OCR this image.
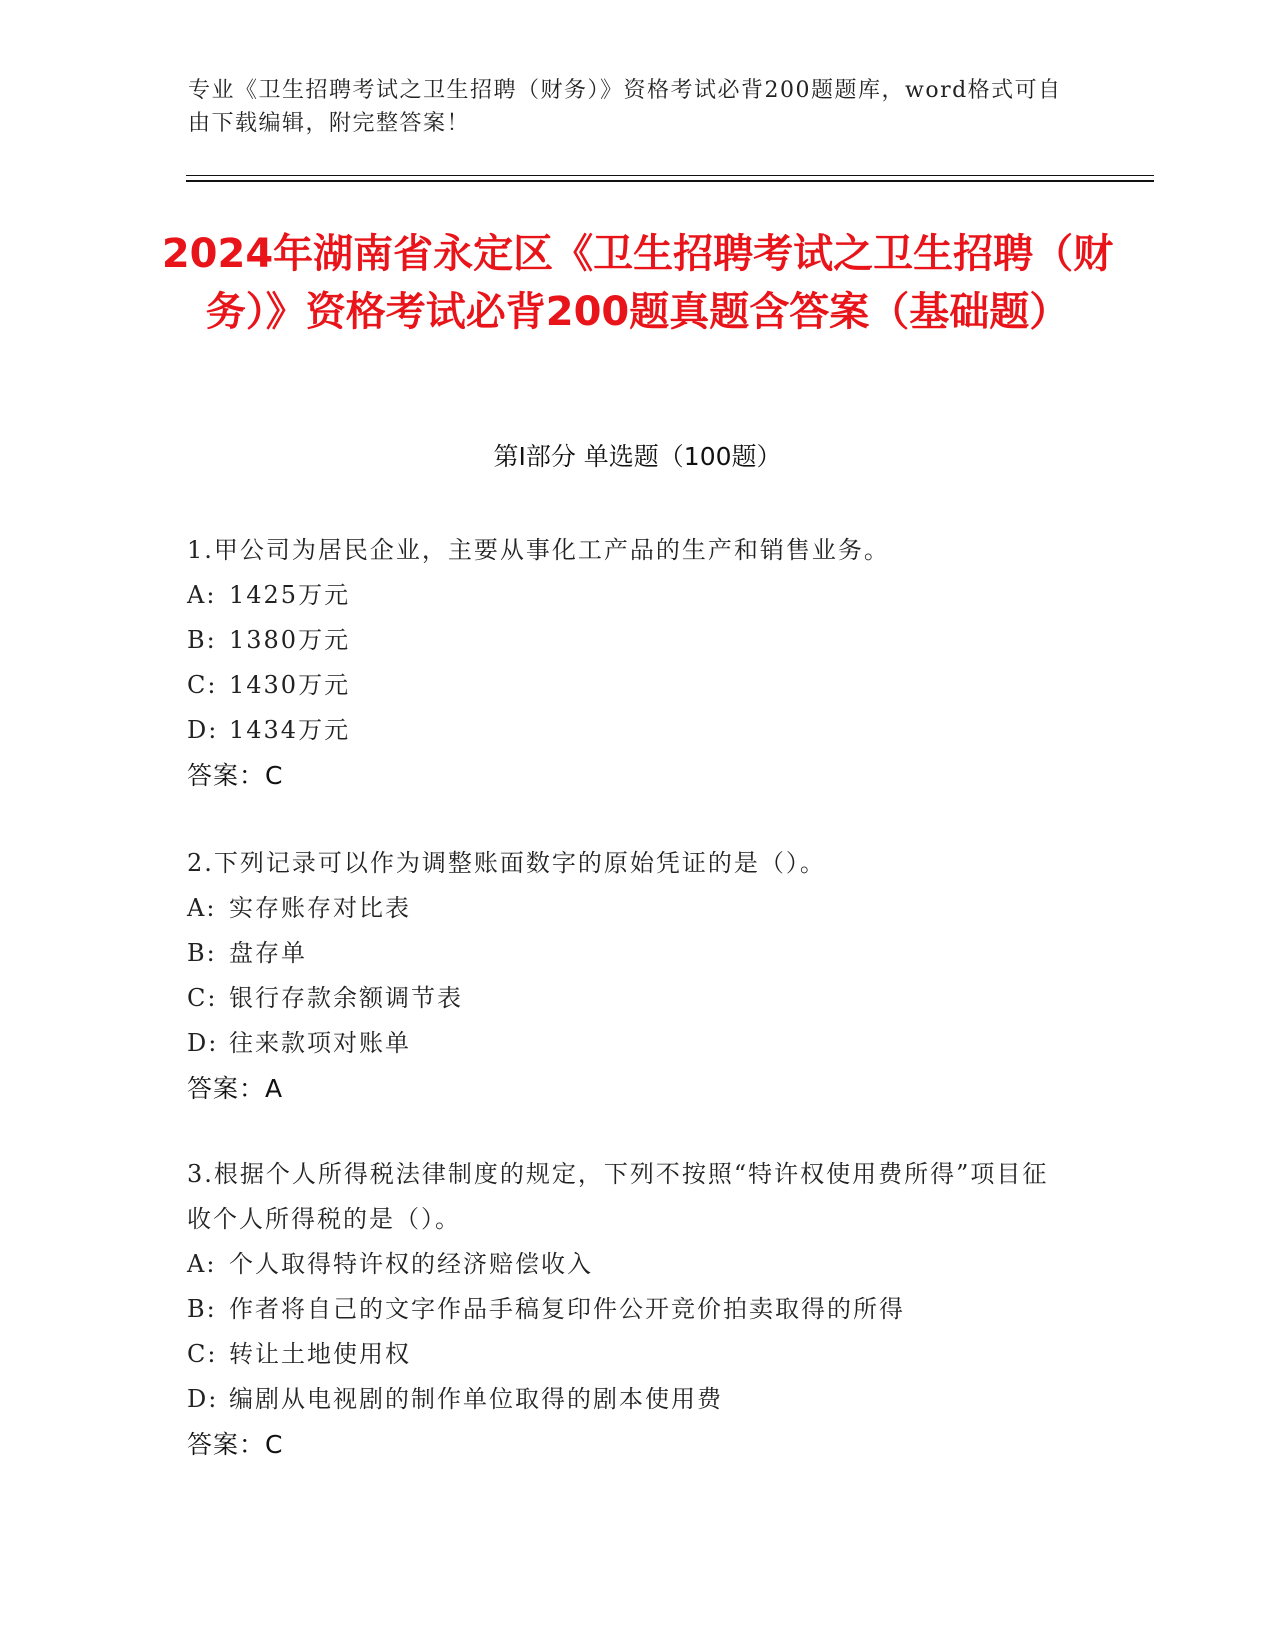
专业《卫生招聘考试之卫生招聘（财务）》资格考试必背200题题库，word格式可自由下载编辑，附完整答案！
2024年湖南省永定区《卫生招聘考试之卫生招聘（财务）》资格考试必背200题真题含答案（基础题）
第I部分 单选题（100题）
1.甲公司为居民企业，主要从事化工产品的生产和销售业务。
A: 1425万元
B: 1380万元
C: 1430万元
D: 1434万元
答案：C
2.下列记录可以作为调整账面数字的原始凭证的是（）。
A: 实存账存对比表
B: 盘存单
C: 银行存款余额调节表
D: 往来款项对账单
答案：A
3.根据个人所得税法律制度的规定，下列不按照“特许权使用费所得”项目征收个人所得税的是（）。
A: 个人取得特许权的经济赔偿收入
B: 作者将自己的文字作品手稿复印件公开竞价拍卖取得的所得
C: 转让土地使用权
D: 编剧从电视剧的制作单位取得的剧本使用费
答案：C
